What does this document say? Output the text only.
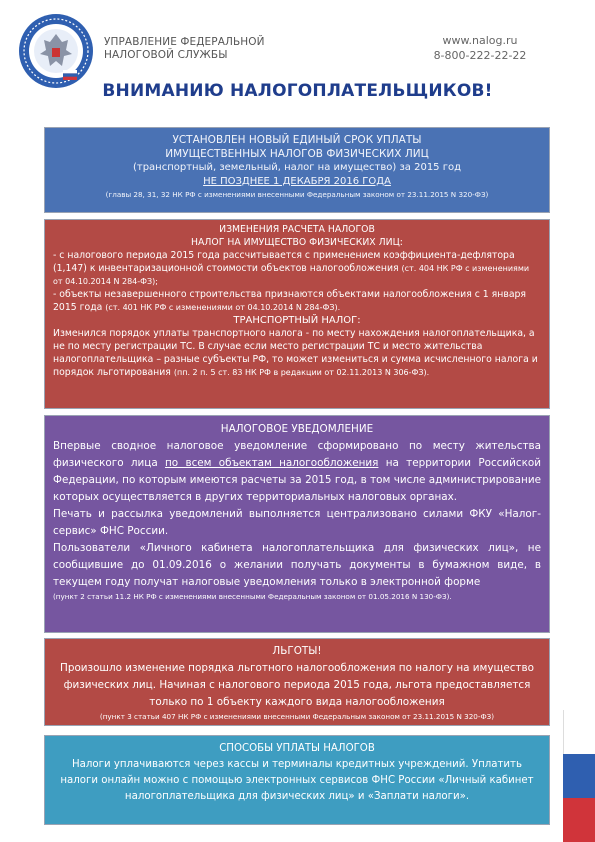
УПРАВЛЕНИЕ ФЕДЕРАЛЬНОЙ
НАЛОГОВОЙ СЛУЖБЫ
www.nalog.ru
8-800-222-22-22
ВНИМАНИЮ НАЛОГОПЛАТЕЛЬЩИКОВ!

УСТАНОВЛЕН НОВЫЙ ЕДИНЫЙ СРОК УПЛАТЫ

ИМУЩЕСТВЕННЫХ НАЛОГОВ ФИЗИЧЕСКИХ ЛИЦ

(транспортный, земельный, налог на имущество) за 2015 год

НЕ ПОЗДНЕЕ 1 ДЕКАБРЯ 2016 ГОДА

(главы 28, 31, 32 НК РФ с изменениями внесенными Федеральным законом от 23.11.2015 N 320-ФЗ)

ИЗМЕНЕНИЯ РАСЧЕТА НАЛОГОВ

НАЛОГ НА ИМУЩЕСТВО ФИЗИЧЕСКИХ ЛИЦ:

- с налогового периода 2015 года рассчитывается с применением коэффициента-дефлятора (1,147) к инвентаризационной стоимости объектов налогообложения (ст. 404 НК РФ с изменениями от 04.10.2014 N 284-ФЗ);
- объекты незавершенного строительства признаются объектами налогообложения с 1 января 2015 года (ст. 401 НК РФ с изменениями от 04.10.2014 N 284-ФЗ).

ТРАНСПОРТНЫЙ НАЛОГ:

Изменился порядок уплаты транспортного налога - по месту нахождения налогоплательщика, а не по месту регистрации ТС. В случае если место регистрации ТС и место жительства налогоплательщика – разные субъекты РФ, то может измениться и сумма исчисленного налога и порядок льготирования (пп. 2 п. 5 ст. 83 НК РФ в редакции от 02.11.2013 N 306-ФЗ).

НАЛОГОВОЕ УВЕДОМЛЕНИЕ

Впервые сводное налоговое уведомление сформировано по месту жительства физического лица по всем объектам налогообложения на территории Российской Федерации, по которым имеются расчеты за 2015 год, в том числе администрирование которых осуществляется в других территориальных налоговых органах.

Печать и рассылка уведомлений выполняется централизовано силами ФКУ «Налог-сервис» ФНС России.

Пользователи «Личного кабинета налогоплательщика для физических лиц», не сообщившие до 01.09.2016 о желании получать документы в бумажном виде, в текущем году получат налоговые уведомления только в электронной форме

(пункт 2 статьи 11.2 НК РФ с изменениями внесенными Федеральным законом от 01.05.2016 N 130-ФЗ).

ЛЬГОТЫ!

Произошло изменение порядка льготного налогообложения по налогу на имущество физических лиц. Начиная с налогового периода 2015 года, льгота предоставляется только по 1 объекту каждого вида налогообложения

(пункт 3 статьи 407 НК РФ с изменениями внесенными Федеральным законом от 23.11.2015 N 320-ФЗ)

СПОСОБЫ УПЛАТЫ НАЛОГОВ

Налоги уплачиваются через кассы и терминалы кредитных учреждений. Уплатить налоги онлайн можно с помощью электронных сервисов ФНС России «Личный кабинет налогоплательщика для физических лиц» и «Заплати налоги».
